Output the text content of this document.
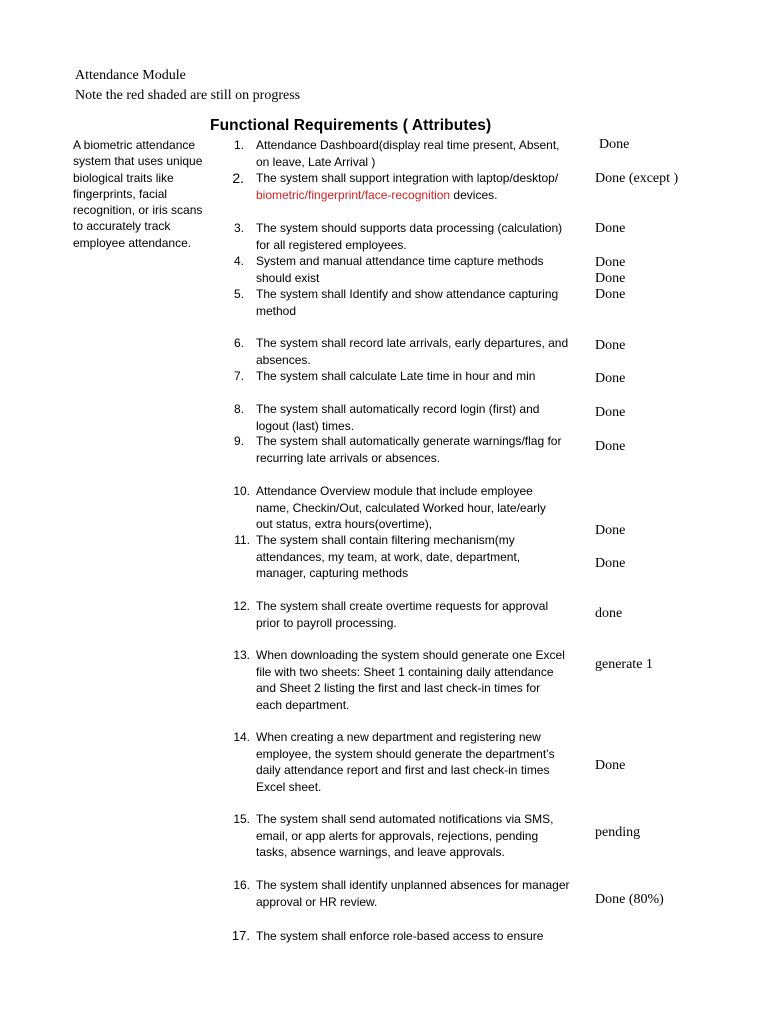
Attendance Module
Note the red shaded are still on progress
Functional Requirements ( Attributes)
A biometric attendance system that uses unique biological traits like fingerprints, facial recognition, or iris scans to accurately track employee attendance.
1. Attendance Dashboard(display real time present, Absent,
on leave, Late Arrival )
2. The system shall support integration with laptop/desktop/
biometric/fingerprint/face-recognition devices.
3. The system should supports data processing (calculation)
for all registered employees.
4. System and manual attendance time capture methods
should exist
5. The system shall Identify and show attendance capturing
method
6. The system shall record late arrivals, early departures, and
absences.
7. The system shall calculate Late time in hour and min
8. The system shall automatically record login (first) and
logout (last) times.
9. The system shall automatically generate warnings/flag for
recurring late arrivals or absences.
10. Attendance Overview module that include employee
name, Checkin/Out, calculated Worked hour, late/early
out status, extra hours(overtime),
11. The system shall contain filtering mechanism(my
attendances, my team, at work, date, department,
manager, capturing methods
12. The system shall create overtime requests for approval
prior to payroll processing.
13. When downloading the system should generate one Excel
file with two sheets: Sheet 1 containing daily attendance
and Sheet 2 listing the first and last check-in times for
each department.
14. When creating a new department and registering new
employee, the system should generate the department’s
daily attendance report and first and last check-in times
Excel sheet.
15. The system shall send automated notifications via SMS,
email, or app alerts for approvals, rejections, pending
tasks, absence warnings, and leave approvals.
16. The system shall identify unplanned absences for manager
approval or HR review.
17. The system shall enforce role-based access to ensure
Done
Done (except )
Done
Done
Done
Done
Done
Done
Done
Done
Done
Done
done
generate 1
Done
pending
Done (80%)
